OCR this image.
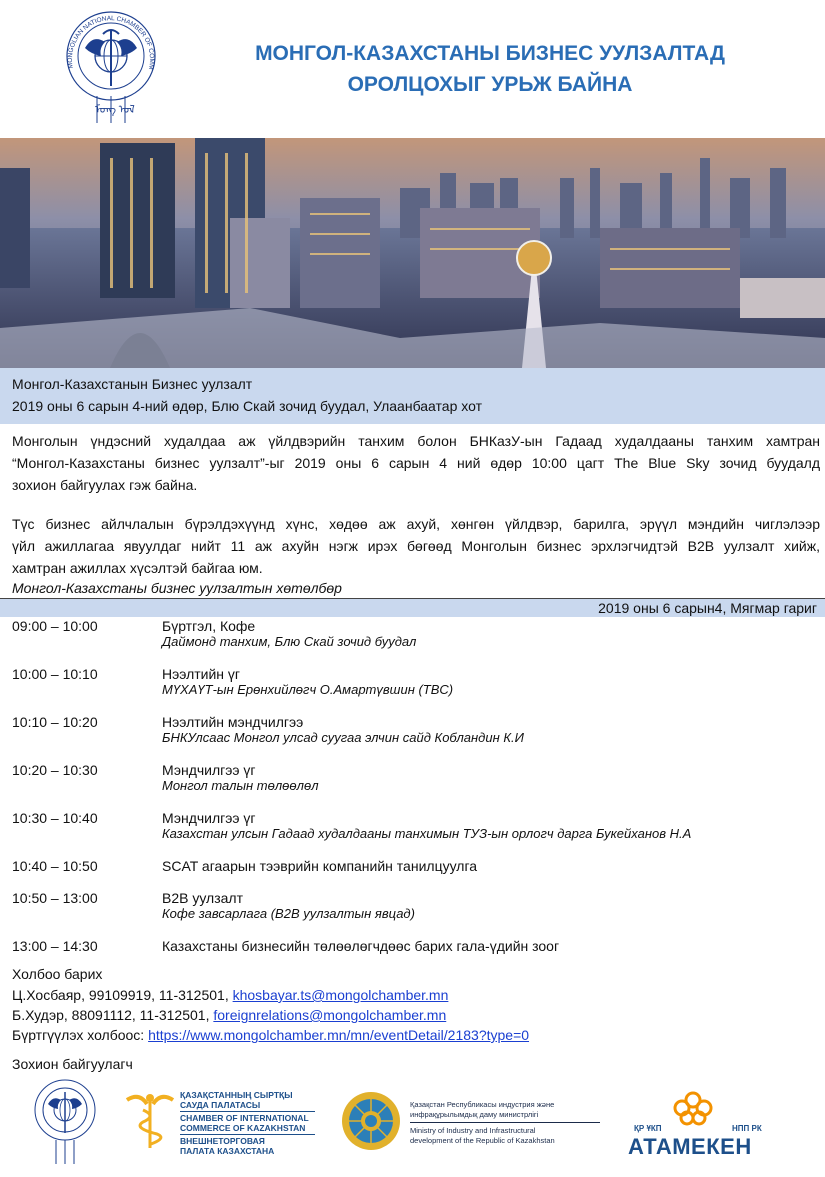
MONGOLIAN NATIONAL CHAMBER OF COMM
ᠮᠣᠩ ᠤᠯ
МОНГОЛ-КАЗАХСТАНЫ БИЗНЕС УУЛЗАЛТАД
ОРОЛЦОХЫГ УРЬЖ БАЙНА
Монгол-Казахстанын Бизнес уулзалт
2019 оны 6 сарын 4-ний өдөр, Блю Скай зочид буудал, Улаанбаатар хот
Монголын үндэсний худалдаа аж үйлдвэрийн танхим болон БНКазУ-ын Гадаад худалдааны танхим хамтран
“Монгол-Казахстаны бизнес уулзалт”-ыг 2019 оны 6 сарын 4 ний өдөр 10:00 цагт The Blue Sky зочид буудалд
зохион байгуулах гэж байна.
Түс бизнес айлчлалын бүрэлдэхүүнд хүнс, хөдөө аж ахуй, хөнгөн үйлдвэр, барилга, эрүүл мэндийн чиглэлээр
үйл ажиллагаа явуулдаг нийт 11 аж ахуйн нэгж ирэх бөгөөд Монголын бизнес эрхлэгчидтэй B2B уулзалт хийж,
хамтран ажиллах хүсэлтэй байгаа юм.
Монгол-Казахстаны бизнес уулзалтын хөтөлбөр
2019 оны 6 сарын4, Мягмар гариг
09:00 – 10:00	Бүртгэл, Кофе
Даймонд танхим, Блю Скай зочид буудал
10:00 – 10:10	Нээлтийн үг
МҮХАҮТ-ын Ерөнхийлөгч О.Амартүвшин (TBC)
10:10 – 10:20	Нээлтийн мэндчилгээ
БНКУлсаас Монгол улсад суугаа элчин сайд Кобландин К.И
10:20 – 10:30	Мэндчилгээ үг
Монгол талын төлөөлөл
10:30 – 10:40	Мэндчилгээ үг
Казахстан улсын Гадаад худалдааны танхимын ТУЗ-ын орлогч дарга Букейханов Н.А
10:40 – 10:50	SCAT агаарын тээврийн компанийн танилцуулга
10:50 – 13:00	B2B уулзалт
Кофе завсарлага (B2B уулзалтын явцад)
13:00 – 14:30	Казахстаны бизнесийн төлөөлөгчдөөс барих гала-үдийн зоог
Холбоо барих
Ц.Хосбаяр, 99109919, 11-312501, khosbayar.ts@mongolchamber.mn
Б.Худэр, 88091112, 11-312501, foreignrelations@mongolchamber.mn
Бүртгүүлэх холбоос: https://www.mongolchamber.mn/mn/eventDetail/2183?type=0
Зохион байгуулагч
ҚАЗАҚСТАННЫҢ СЫРТҚЫ
САУДА ПАЛАТАСЫ
CHAMBER OF INTERNATIONAL
COMMERCE OF KAZAKHSTAN
ВНЕШНЕТОРГОВАЯ
ПАЛАТА КАЗАХСТАНА
Қазақстан Республикасы индустрия және
инфрақұрылымдық даму министрлігі
Ministry of Industry and Infrastructural
development of the Republic of Kazakhstan
ҚР ҰКП	НПП РК
АТАМЕКЕН
